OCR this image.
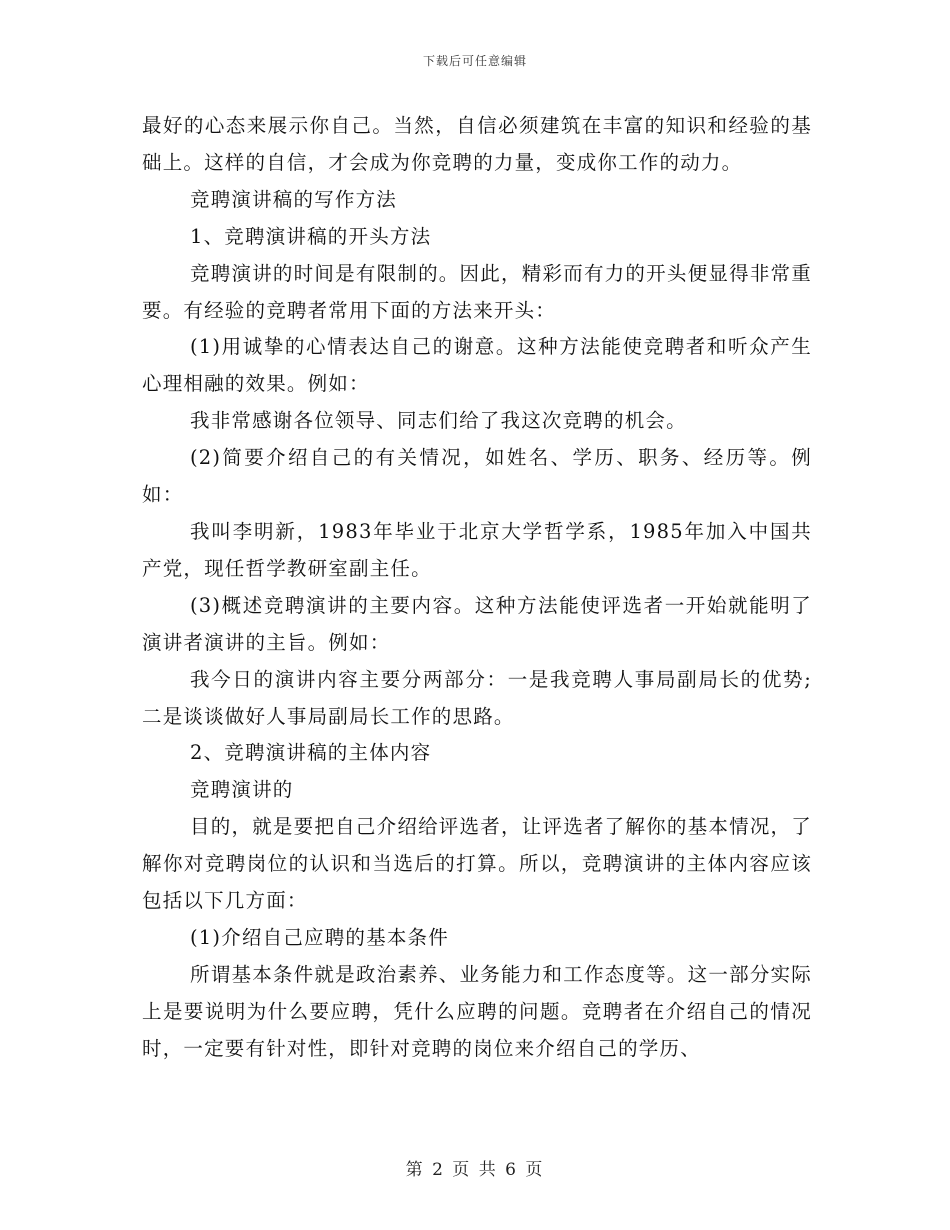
下载后可任意编辑

最好的心态来展示你自己。当然，自信必须建筑在丰富的知识和经验的基础上。这样的自信，才会成为你竞聘的力量，变成你工作的动力。

竞聘演讲稿的写作方法

1、竞聘演讲稿的开头方法

竞聘演讲的时间是有限制的。因此，精彩而有力的开头便显得非常重要。有经验的竞聘者常用下面的方法来开头：

(1)用诚挚的心情表达自己的谢意。这种方法能使竞聘者和听众产生心理相融的效果。例如：

我非常感谢各位领导、同志们给了我这次竞聘的机会。

(2)简要介绍自己的有关情况，如姓名、学历、职务、经历等。例如：

我叫李明新，1983年毕业于北京大学哲学系，1985年加入中国共产党，现任哲学教研室副主任。

(3)概述竞聘演讲的主要内容。这种方法能使评选者一开始就能明了演讲者演讲的主旨。例如：

我今日的演讲内容主要分两部分：一是我竞聘人事局副局长的优势;二是谈谈做好人事局副局长工作的思路。

2、竞聘演讲稿的主体内容

竞聘演讲的

目的，就是要把自己介绍给评选者，让评选者了解你的基本情况，了解你对竞聘岗位的认识和当选后的打算。所以，竞聘演讲的主体内容应该包括以下几方面：

(1)介绍自己应聘的基本条件

所谓基本条件就是政治素养、业务能力和工作态度等。这一部分实际上是要说明为什么要应聘，凭什么应聘的问题。竞聘者在介绍自己的情况时，一定要有针对性，即针对竞聘的岗位来介绍自己的学历、

第 2 页 共 6 页
